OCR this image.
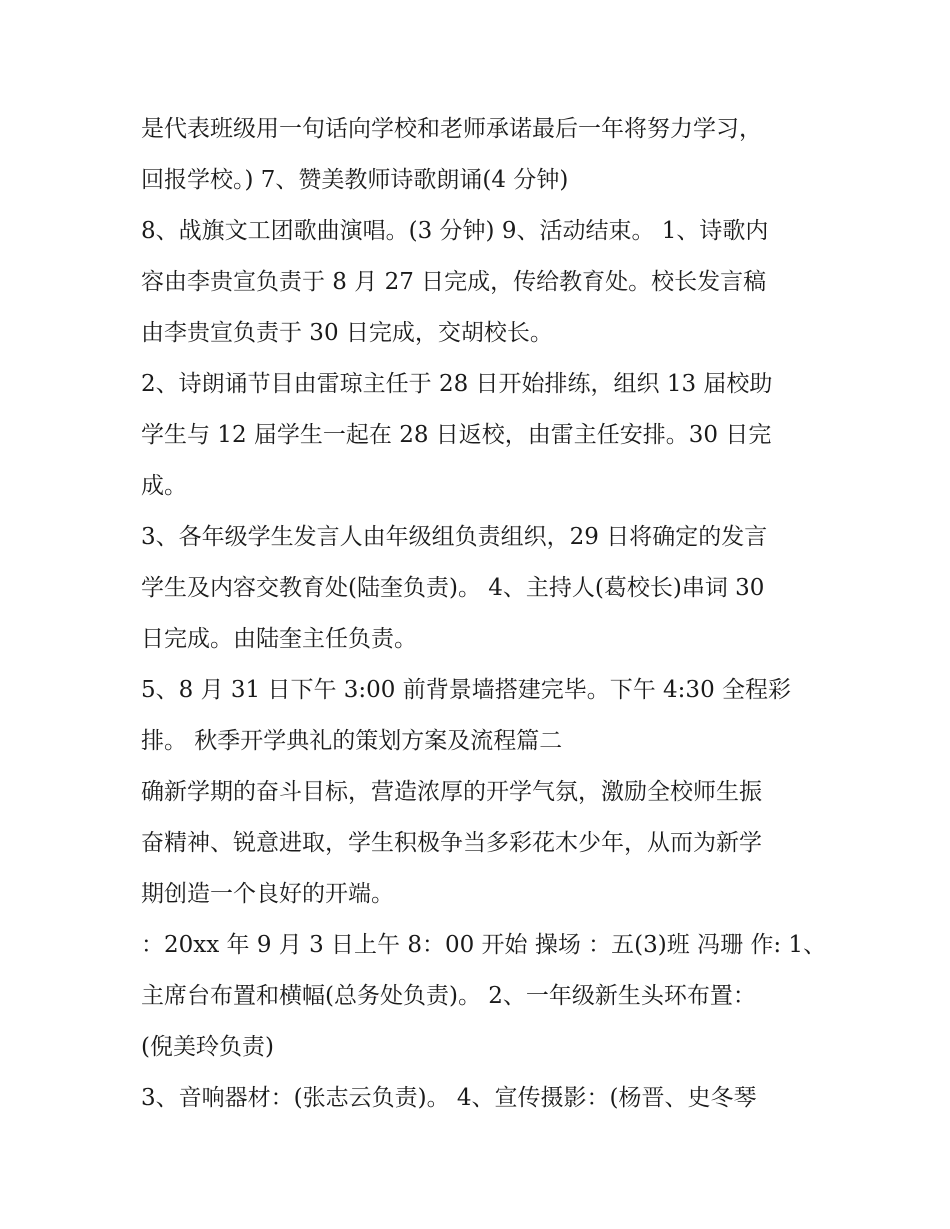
是代表班级用一句话向学校和老师承诺最后一年将努力学习，
回报学校。) 7、赞美教师诗歌朗诵(4 分钟)
8、战旗文工团歌曲演唱。(3 分钟) 9、活动结束。 1、诗歌内
容由李贵宣负责于 8 月 27 日完成，传给教育处。校长发言稿
由李贵宣负责于 30 日完成，交胡校长。
2、诗朗诵节目由雷琼主任于 28 日开始排练，组织 13 届校助
学生与 12 届学生一起在 28 日返校，由雷主任安排。30 日完
成。
3、各年级学生发言人由年级组负责组织，29 日将确定的发言
学生及内容交教育处(陆奎负责)。 4、主持人(葛校长)串词 30
日完成。由陆奎主任负责。
5、8 月 31 日下午 3:00 前背景墙搭建完毕。下午 4:30 全程彩
排。 秋季开学典礼的策划方案及流程篇二
确新学期的奋斗目标，营造浓厚的开学气氛，激励全校师生振
奋精神、锐意进取，学生积极争当多彩花木少年，从而为新学
期创造一个良好的开端。
：20xx 年 9 月 3 日上午 8：00 开始 操场 ：五(3)班 冯珊 作: 1、
主席台布置和横幅(总务处负责)。 2、一年级新生头环布置：
(倪美玲负责)
3、音响器材：(张志云负责)。 4、宣传摄影：(杨晋、史冬琴
